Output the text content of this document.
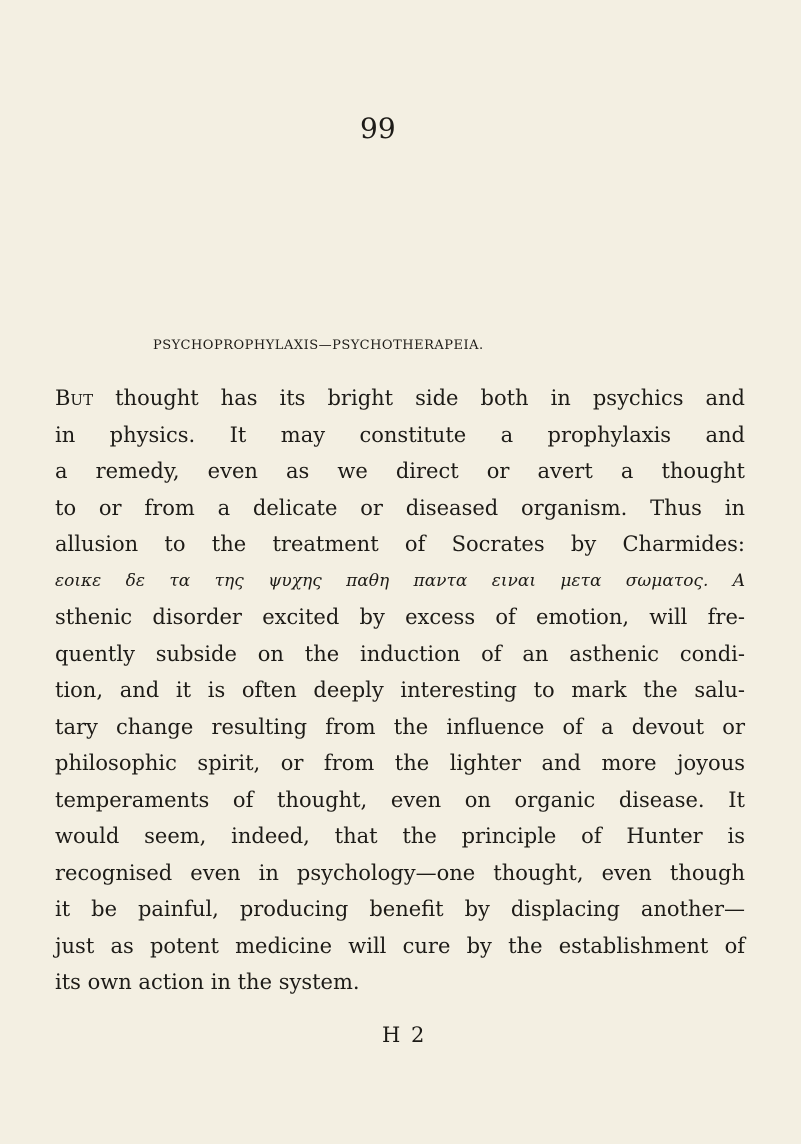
99
PSYCHOPROPHYLAXIS—PSYCHOTHERAPEIA.
But thought has its bright side both in psychics and
in physics. It may constitute a prophylaxis and
a remedy, even as we direct or avert a thought
to or from a delicate or diseased organism. Thus in
allusion to the treatment of Socrates by Charmides:
εοικε δε τα της ψυχης παθη παντα ειναι μετα σωματος. A
sthenic disorder excited by excess of emotion, will fre-
quently subside on the induction of an asthenic condi-
tion, and it is often deeply interesting to mark the salu-
tary change resulting from the influence of a devout or
philosophic spirit, or from the lighter and more joyous
temperaments of thought, even on organic disease. It
would seem, indeed, that the principle of Hunter is
recognised even in psychology—one thought, even though
it be painful, producing benefit by displacing another—
just as potent medicine will cure by the establishment of
its own action in the system.
H 2
